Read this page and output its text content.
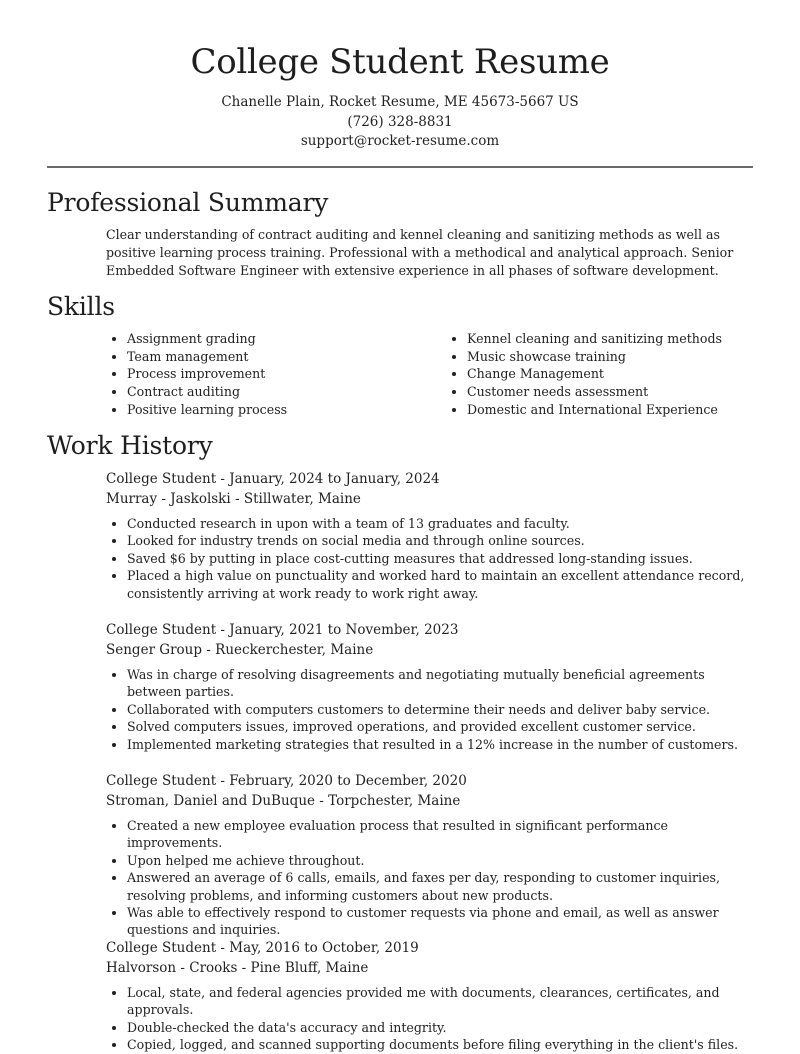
College Student Resume
Chanelle Plain, Rocket Resume, ME 45673-5667 US
(726) 328-8831
support@rocket-resume.com
Professional Summary

Clear understanding of contract auditing and kennel cleaning and sanitizing methods as well as positive learning process training. Professional with a methodical and analytical approach. Senior Embedded Software Engineer with extensive experience in all phases of software development.

Skills
• Assignment grading
• Team management
• Process improvement
• Contract auditing
• Positive learning process
• Kennel cleaning and sanitizing methods
• Music showcase training
• Change Management
• Customer needs assessment
• Domestic and International Experience
Work History
College Student - January, 2024 to January, 2024
Murray - Jaskolski - Stillwater, Maine
• Conducted research in upon with a team of 13 graduates and faculty.
• Looked for industry trends on social media and through online sources.
• Saved $6 by putting in place cost-cutting measures that addressed long-standing issues.
• Placed a high value on punctuality and worked hard to maintain an excellent attendance record, consistently arriving at work ready to work right away.
College Student - January, 2021 to November, 2023
Senger Group - Rueckerchester, Maine
• Was in charge of resolving disagreements and negotiating mutually beneficial agreements between parties.
• Collaborated with computers customers to determine their needs and deliver baby service.
• Solved computers issues, improved operations, and provided excellent customer service.
• Implemented marketing strategies that resulted in a 12% increase in the number of customers.
College Student - February, 2020 to December, 2020
Stroman, Daniel and DuBuque - Torpchester, Maine
• Created a new employee evaluation process that resulted in significant performance improvements.
• Upon helped me achieve throughout.
• Answered an average of 6 calls, emails, and faxes per day, responding to customer inquiries, resolving problems, and informing customers about new products.
• Was able to effectively respond to customer requests via phone and email, as well as answer questions and inquiries.
College Student - May, 2016 to October, 2019
Halvorson - Crooks - Pine Bluff, Maine
• Local, state, and federal agencies provided me with documents, clearances, certificates, and approvals.
• Double-checked the data's accuracy and integrity.
• Copied, logged, and scanned supporting documents before filing everything in the client's files.
